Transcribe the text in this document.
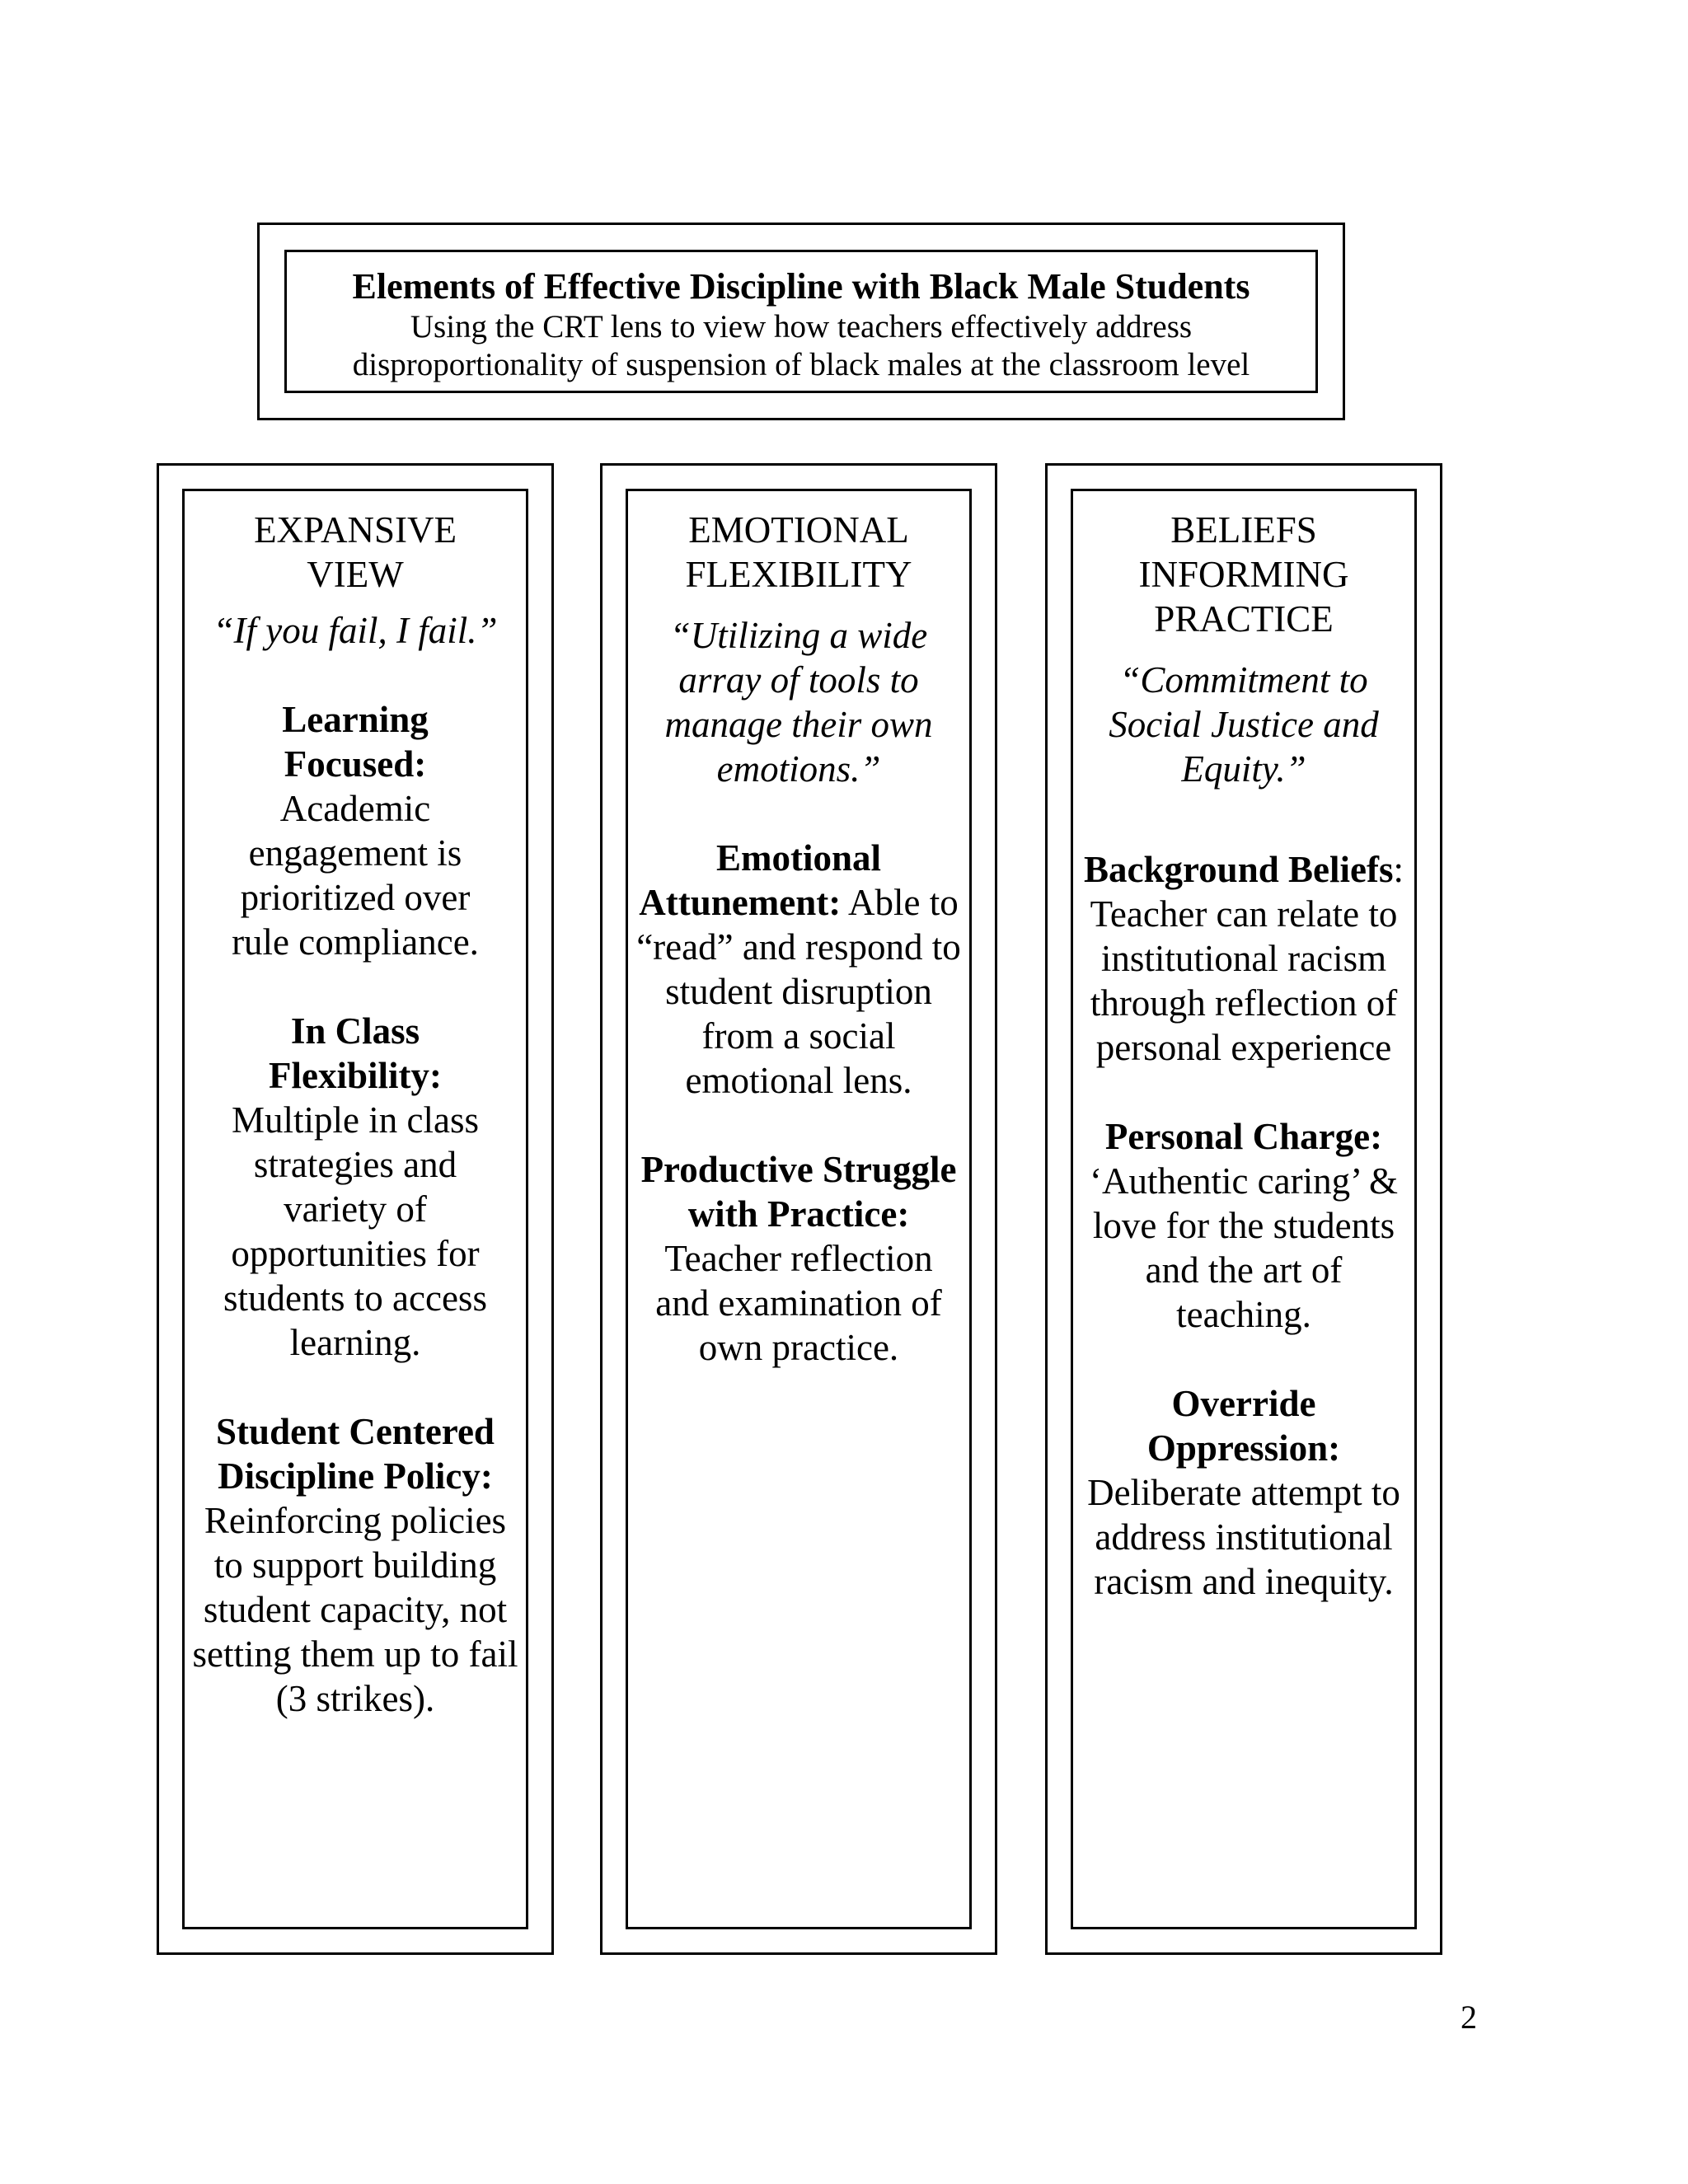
Elements of Effective Discipline with Black Male Students
Using the CRT lens to view how teachers effectively address disproportionality of suspension of black males at the classroom level
EXPANSIVE VIEW
“If you fail, I fail.”
Learning Focused: Academic engagement is prioritized over rule compliance.
In Class Flexibility: Multiple in class strategies and variety of opportunities for students to access learning.
Student Centered Discipline Policy: Reinforcing policies to support building student capacity, not setting them up to fail (3 strikes).
EMOTIONAL FLEXIBILITY
“Utilizing a wide array of tools to manage their own emotions.”
Emotional Attunement: Able to “read” and respond to student disruption from a social emotional lens.
Productive Struggle with Practice: Teacher reflection and examination of own practice.
BELIEFS INFORMING PRACTICE
“Commitment to Social Justice and Equity.”
Background Beliefs: Teacher can relate to institutional racism through reflection of personal experience
Personal Charge: ‘Authentic caring’ & love for the students and the art of teaching.
Override Oppression: Deliberate attempt to address institutional racism and inequity.
2
